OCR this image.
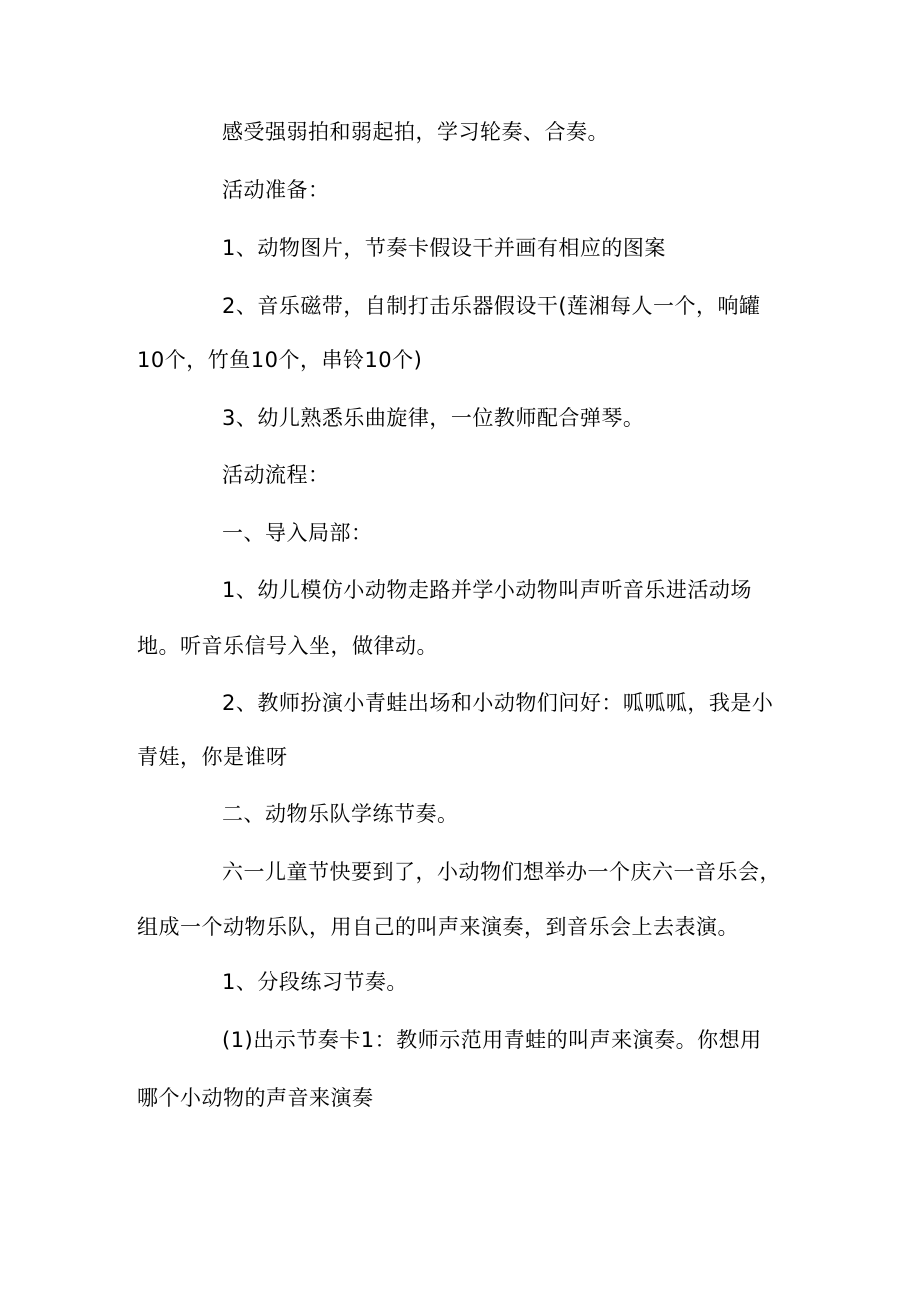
感受强弱拍和弱起拍，学习轮奏、合奏。
活动准备：
1、动物图片，节奏卡假设干并画有相应的图案
2、音乐磁带，自制打击乐器假设干(莲湘每人一个，响罐
10个，竹鱼10个，串铃10个)
3、幼儿熟悉乐曲旋律，一位教师配合弹琴。
活动流程：
一、导入局部：
1、幼儿模仿小动物走路并学小动物叫声听音乐进活动场
地。听音乐信号入坐，做律动。
2、教师扮演小青蛙出场和小动物们问好：呱呱呱，我是小
青娃，你是谁呀
二、动物乐队学练节奏。
六一儿童节快要到了，小动物们想举办一个庆六一音乐会，
组成一个动物乐队，用自己的叫声来演奏，到音乐会上去表演。
1、分段练习节奏。
(1)出示节奏卡1：教师示范用青蛙的叫声来演奏。你想用
哪个小动物的声音来演奏
